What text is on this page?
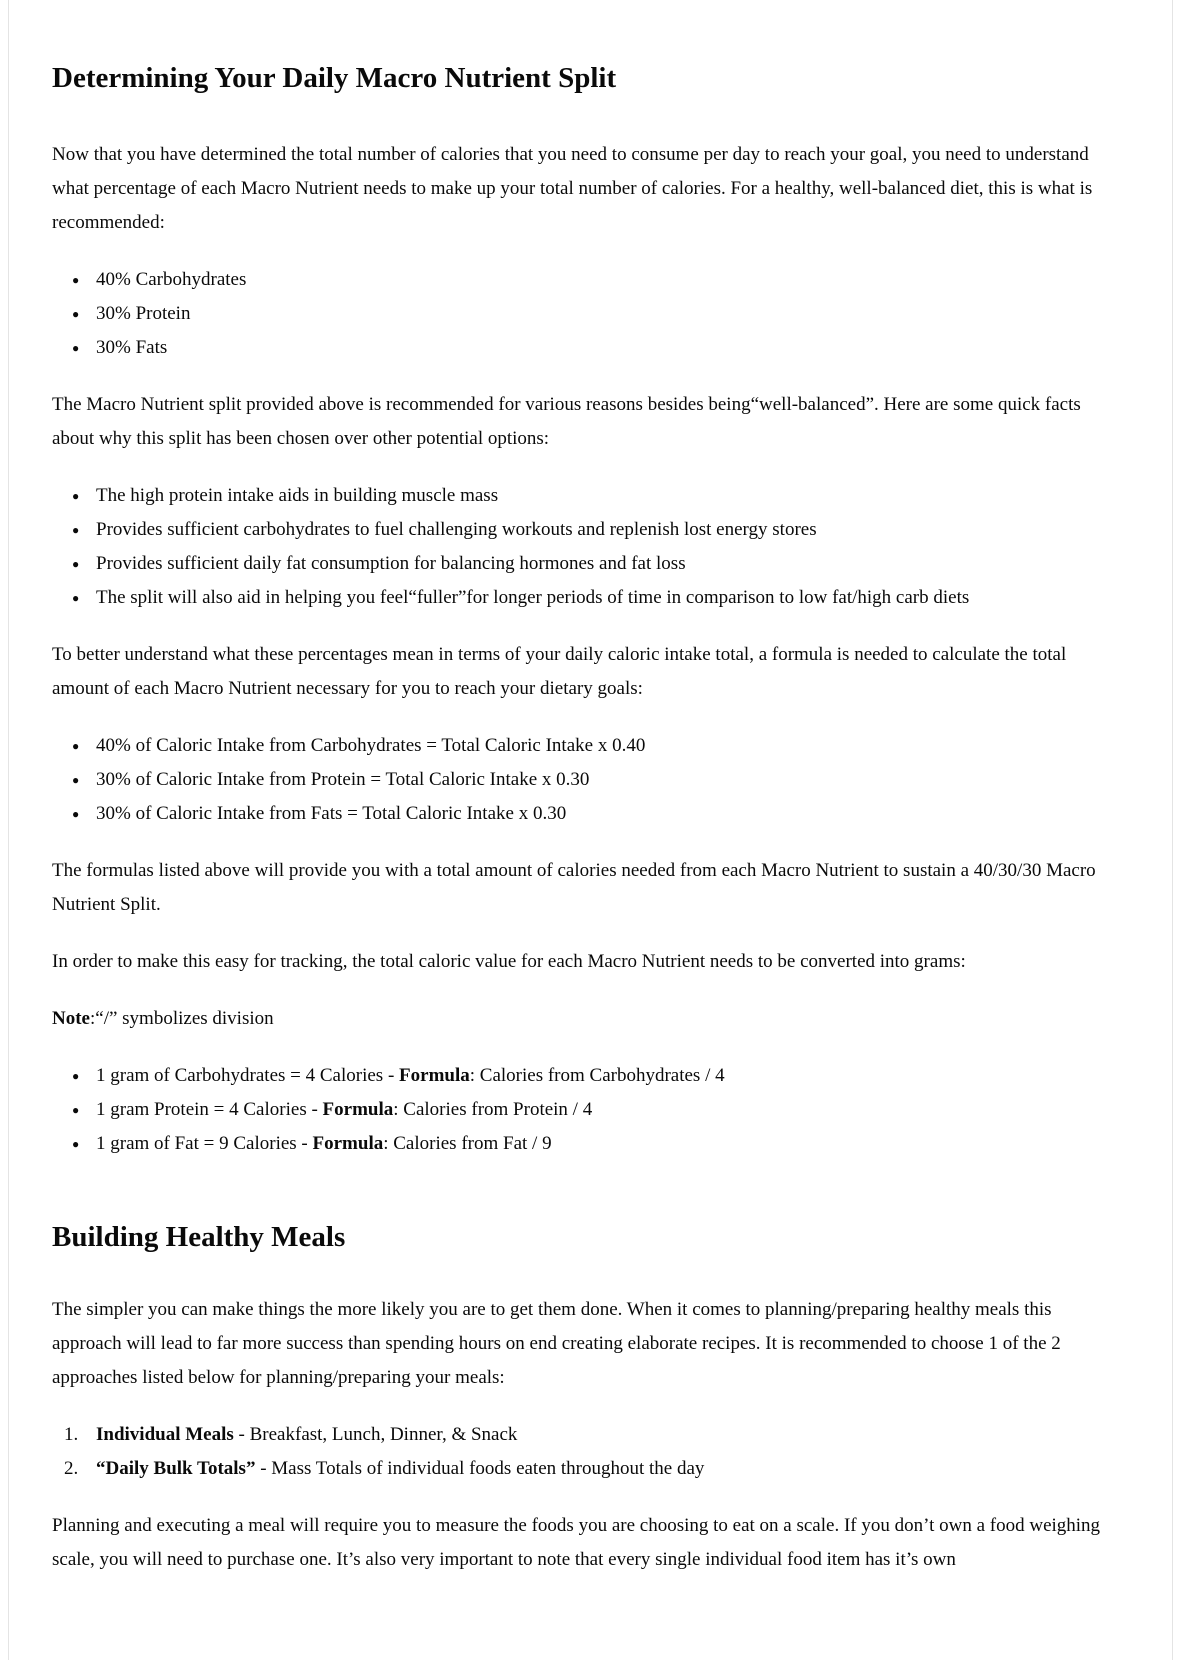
Determining Your Daily Macro Nutrient Split

Now that you have determined the total number of calories that you need to consume per day to reach your goal, you need to understand what percentage of each Macro Nutrient needs to make up your total number of calories. For a healthy, well-balanced diet, this is what is recommended:

● 40% Carbohydrates
● 30% Protein
● 30% Fats

The Macro Nutrient split provided above is recommended for various reasons besides being“well-balanced”. Here are some quick facts about why this split has been chosen over other potential options:

● The high protein intake aids in building muscle mass
● Provides sufficient carbohydrates to fuel challenging workouts and replenish lost energy stores
● Provides sufficient daily fat consumption for balancing hormones and fat loss
● The split will also aid in helping you feel“fuller”for longer periods of time in comparison to low fat/high carb diets

To better understand what these percentages mean in terms of your daily caloric intake total, a formula is needed to calculate the total amount of each Macro Nutrient necessary for you to reach your dietary goals:

● 40% of Caloric Intake from Carbohydrates = Total Caloric Intake x 0.40
● 30% of Caloric Intake from Protein = Total Caloric Intake x 0.30
● 30% of Caloric Intake from Fats = Total Caloric Intake x 0.30

The formulas listed above will provide you with a total amount of calories needed from each Macro Nutrient to sustain a 40/30/30 Macro Nutrient Split.

In order to make this easy for tracking, the total caloric value for each Macro Nutrient needs to be converted into grams:

Note:“/” symbolizes division

● 1 gram of Carbohydrates = 4 Calories - Formula: Calories from Carbohydrates / 4
● 1 gram Protein = 4 Calories - Formula: Calories from Protein / 4
● 1 gram of Fat = 9 Calories - Formula: Calories from Fat / 9
Building Healthy Meals

The simpler you can make things the more likely you are to get them done. When it comes to planning/preparing healthy meals this approach will lead to far more success than spending hours on end creating elaborate recipes. It is recommended to choose 1 of the 2 approaches listed below for planning/preparing your meals:

1. Individual Meals - Breakfast, Lunch, Dinner, & Snack
2. “Daily Bulk Totals” - Mass Totals of individual foods eaten throughout the day

Planning and executing a meal will require you to measure the foods you are choosing to eat on a scale. If you don’t own a food weighing scale, you will need to purchase one. It’s also very important to note that every single individual food item has it’s own
